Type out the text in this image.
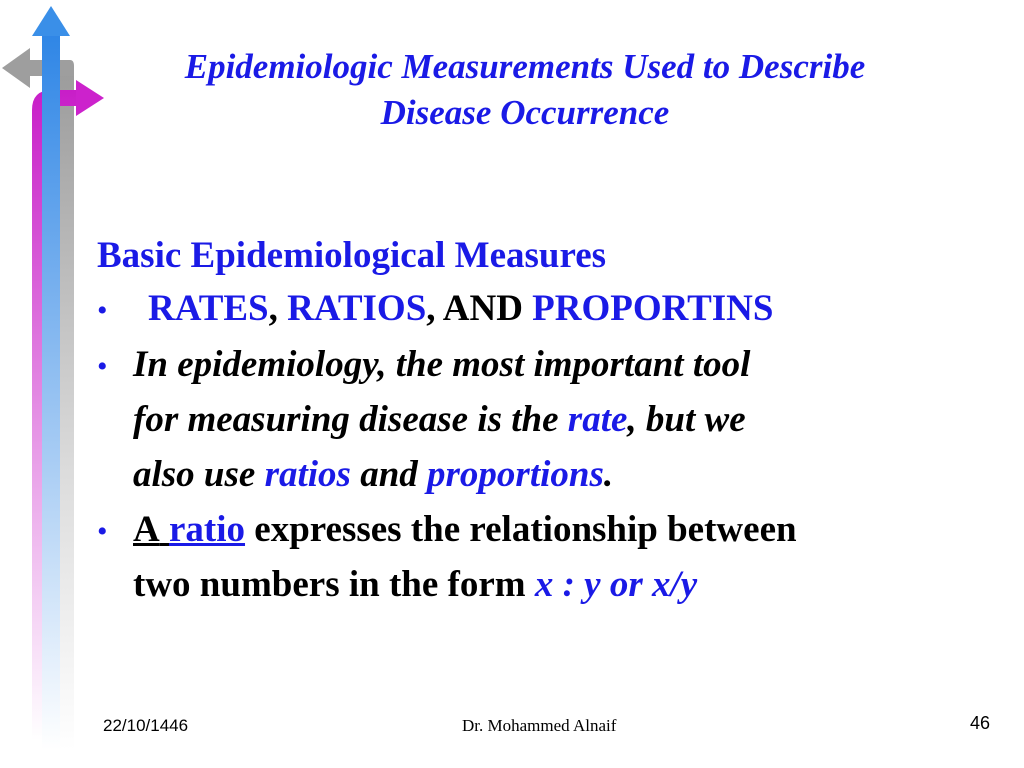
Epidemiologic Measurements Used to Describe
Disease Occurrence
Basic Epidemiological Measures
• RATES, RATIOS, AND PROPORTINS
• In epidemiology, the most important tool
for measuring disease is the rate, but we
also use ratios and proportions.
• A ratio expresses the relationship between
two numbers in the form x : y or x/y
22/10/1446	Dr. Mohammed Alnaif	46
